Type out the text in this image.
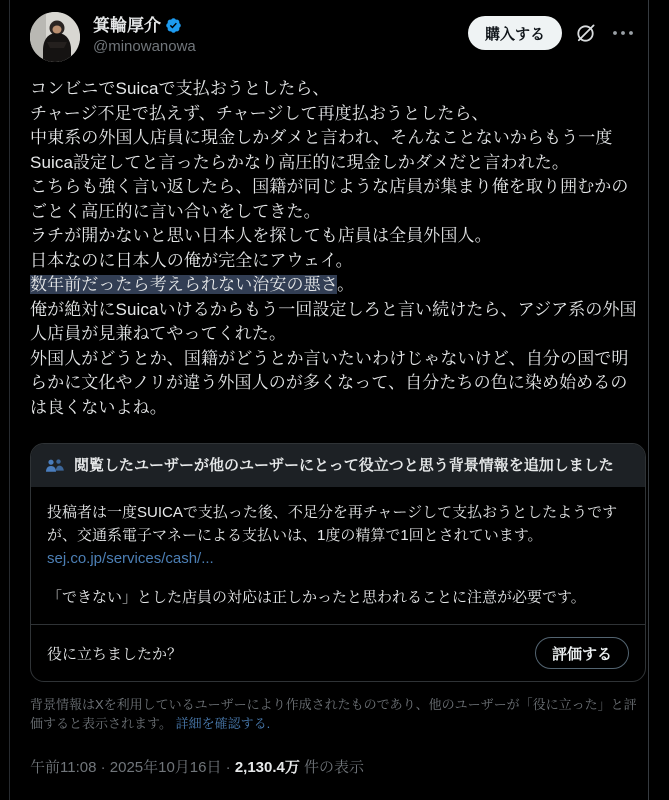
箕輪厚介
@minowanowa
購入する
コンビニでSuicaで支払おうとしたら、
チャージ不足で払えず、チャージして再度払おうとしたら、
中東系の外国人店員に現金しかダメと言われ、そんなことないからもう一度Suica設定してと言ったらかなり高圧的に現金しかダメだと言われた。
こちらも強く言い返したら、国籍が同じような店員が集まり俺を取り囲むかのごとく高圧的に言い合いをしてきた。
ラチが開かないと思い日本人を探しても店員は全員外国人。
日本なのに日本人の俺が完全にアウェイ。
数年前だったら考えられない治安の悪さ。
俺が絶対にSuicaいけるからもう一回設定しろと言い続けたら、アジア系の外国人店員が見兼ねてやってくれた。
外国人がどうとか、国籍がどうとか言いたいわけじゃないけど、自分の国で明らかに文化やノリが違う外国人のが多くなって、自分たちの色に染め始めるのは良くないよね。
閲覧したユーザーが他のユーザーにとって役立つと思う背景情報を追加しました

投稿者は一度SUICAで支払った後、不足分を再チャージして支払おうとしたようですが、交通系電子マネーによる支払いは、1度の精算で1回とされています。

sej.co.jp/services/cash/...

「できない」とした店員の対応は正しかったと思われることに注意が必要です。

役に立ちましたか？	評価する
背景情報はXを利用しているユーザーにより作成されたものであり、他のユーザーが「役に立った」と評価すると表示されます。 詳細を確認する.
午前11:08 · 2025年10月16日 · 2,130.4万 件の表示
